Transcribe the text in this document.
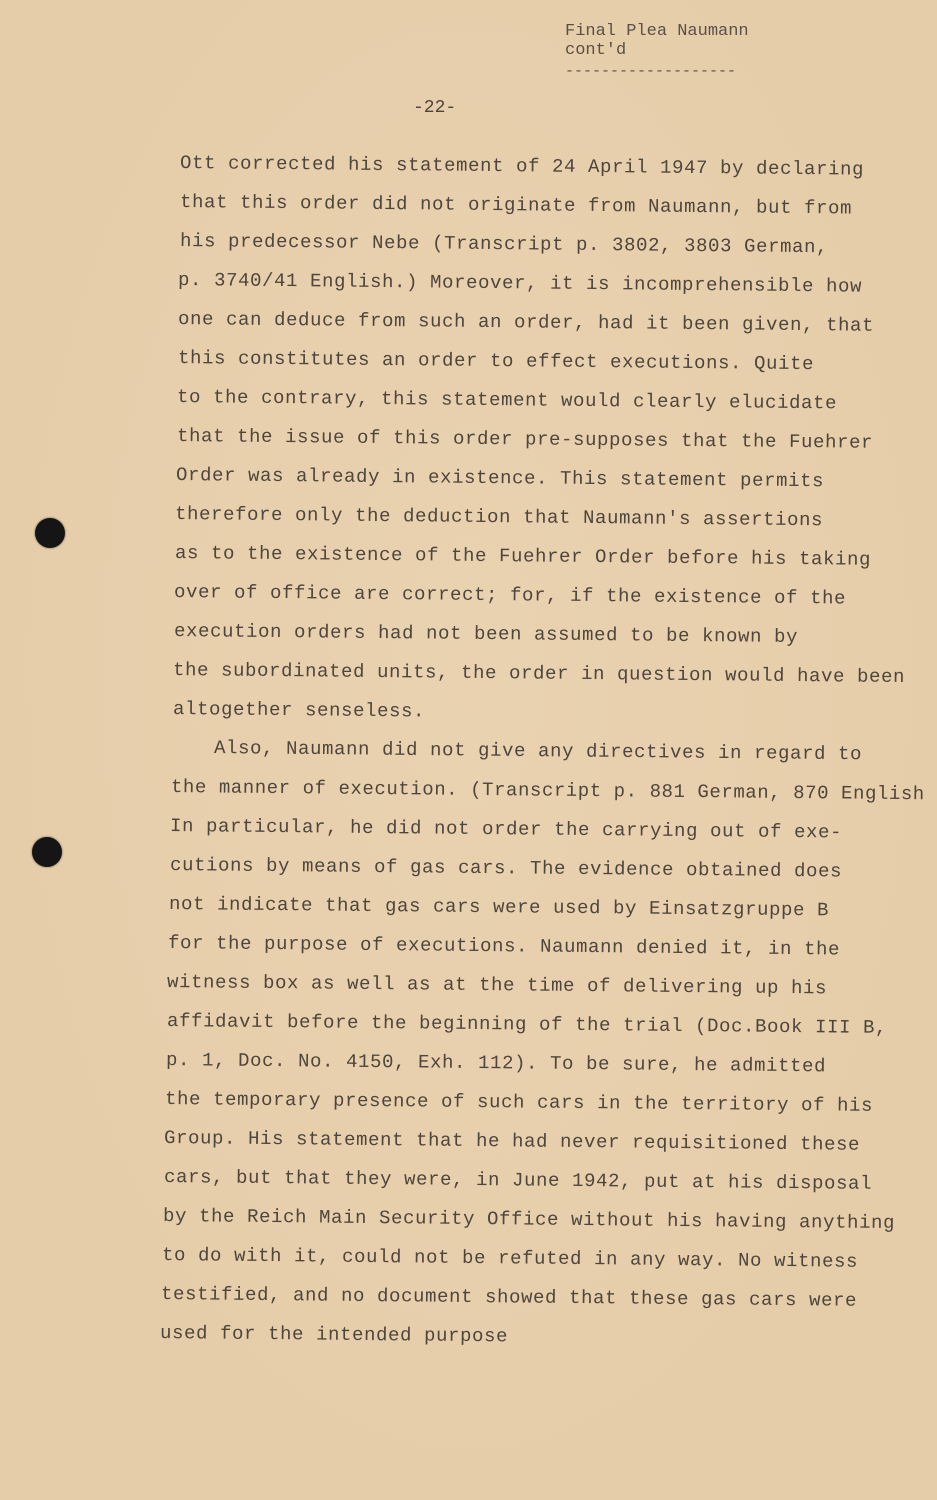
Final Plea Naumann
cont'd
-------------------
-22-
Ott corrected his statement of 24 April 1947 by declaring
that this order did not originate from Naumann, but from
his predecessor Nebe (Transcript p. 3802, 3803 German,
p. 3740/41 English.) Moreover, it is incomprehensible how
one can deduce from such an order, had it been given, that
this constitutes an order to effect executions. Quite
to the contrary, this statement would clearly elucidate
that the issue of this order pre-supposes that the Fuehrer
Order was already in existence. This statement permits
therefore only the deduction that Naumann's assertions
as to the existence of the Fuehrer Order before his taking
over of office are correct; for, if the existence of the
execution orders had not been assumed to be known by
the subordinated units, the order in question would have been
altogether senseless.
Also, Naumann did not give any directives in regard to
the manner of execution. (Transcript p. 881 German, 870 English
In particular, he did not order the carrying out of exe-
cutions by means of gas cars. The evidence obtained does
not indicate that gas cars were used by Einsatzgruppe B
for the purpose of executions. Naumann denied it, in the
witness box as well as at the time of delivering up his
affidavit before the beginning of the trial (Doc.Book III B,
p. 1, Doc. No. 4150, Exh. 112). To be sure, he admitted
the temporary presence of such cars in the territory of his
Group. His statement that he had never requisitioned these
cars, but that they were, in June 1942, put at his disposal
by the Reich Main Security Office without his having anything
to do with it, could not be refuted in any way. No witness
testified, and no document showed that these gas cars were
used for the intended purpose
